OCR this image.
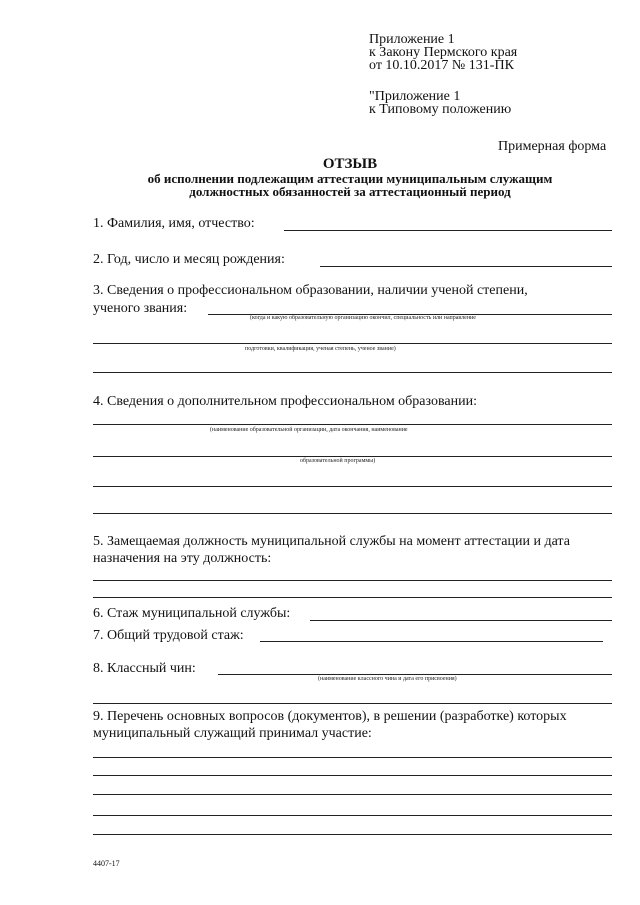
Приложение 1
к Закону Пермского края
от 10.10.2017 № 131-ПК
"Приложение 1
к Типовому положению
Примерная форма
ОТЗЫВ
об исполнении подлежащим аттестации муниципальным служащим
должностных обязанностей за аттестационный период
1. Фамилия, имя, отчество:
2. Год, число и месяц рождения:
3. Сведения о профессиональном образовании, наличии ученой степени,
ученого звания:
(когда и какую образовательную организацию окончил, специальность или направление
подготовки, квалификация, ученая степень, ученое звание)
4. Сведения о дополнительном профессиональном образовании:
(наименование образовательной организации, дата окончания, наименование
образовательной программы)
5. Замещаемая должность муниципальной службы на момент аттестации и дата
назначения на эту должность:
6. Стаж муниципальной службы:
7. Общий трудовой стаж:
8. Классный чин:
(наименование классного чина и дата его присвоения)
9. Перечень основных вопросов (документов), в решении (разработке) которых
муниципальный служащий принимал участие:
4407-17
